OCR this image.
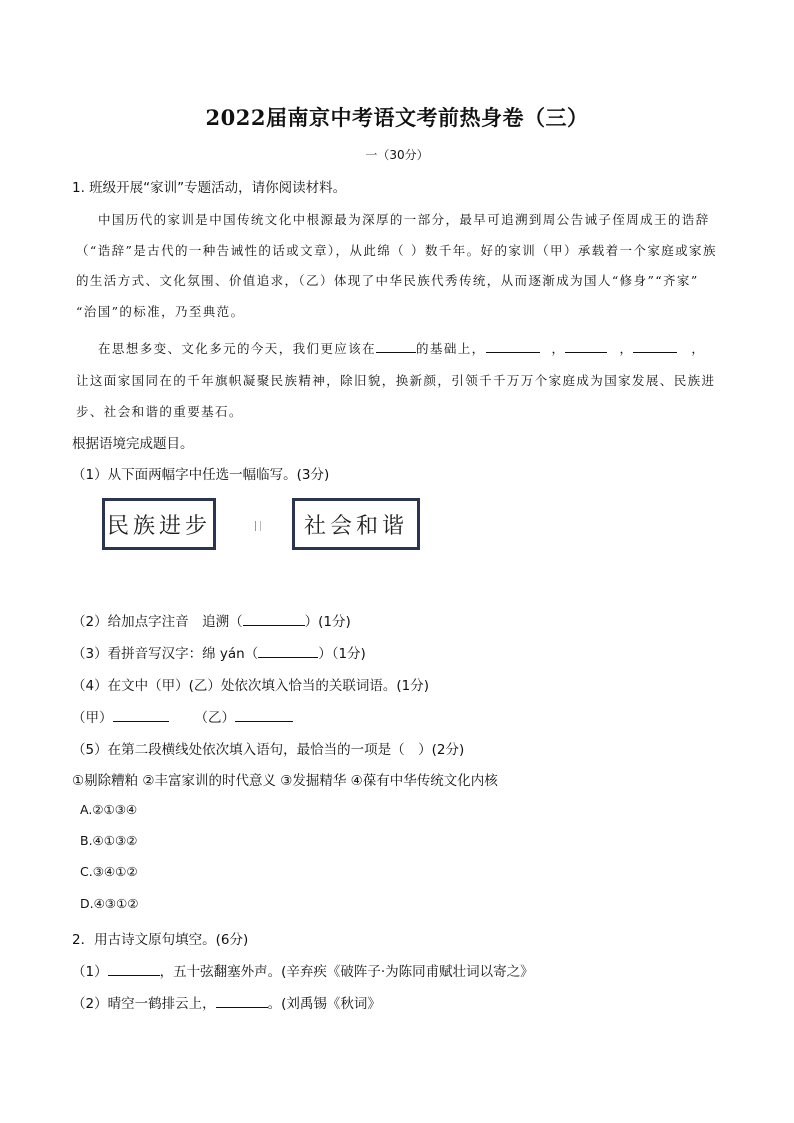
2022届南京中考语文考前热身卷（三）
一（30分）
1. 班级开展“家训”专题活动，请你阅读材料。
中国历代的家训是中国传统文化中根源最为深厚的一部分，最早可追溯到周公告诫子侄周成王的诰辞
（“诰辞”是古代的一种告诫性的话或文章），从此绵（ ）数千年。好的家训（甲）承载着一个家庭或家族
的生活方式、文化氛围、价值追求，（乙）体现了中华民族代秀传统，从而逐渐成为国人“修身”“齐家”
“治国”的标准，乃至典范。
在思想多变、文化多元的今天，我们更应该在	的基础上，	，	，	，
让这面家国同在的千年旗帜凝聚民族精神，除旧貌，换新颜，引领千千万万个家庭成为国家发展、民族进
步、社会和谐的重要基石。
根据语境完成题目。
（1）从下面两幅字中任选一幅临写。(3分)
民族进步	社会和谐
（2）给加点字注音　追溯（	）(1分)
（3）看拼音写汉字：绵 yán（	）（1分)
（4）在文中（甲）(乙）处依次填入恰当的关联词语。(1分)
（甲）	（乙）
（5）在第二段横线处依次填入语句，最恰当的一项是（　）(2分)
①剔除糟粕 ②丰富家训的时代意义 ③发掘精华 ④葆有中华传统文化内核
A.②①③④
B.④①③②
C.③④①②
D.④③①②
2．用古诗文原句填空。(6分)
（1）	，五十弦翻塞外声。(辛弃疾《破阵子·为陈同甫赋壮词以寄之》
（2）晴空一鹤排云上，	。(刘禹锡《秋词》
